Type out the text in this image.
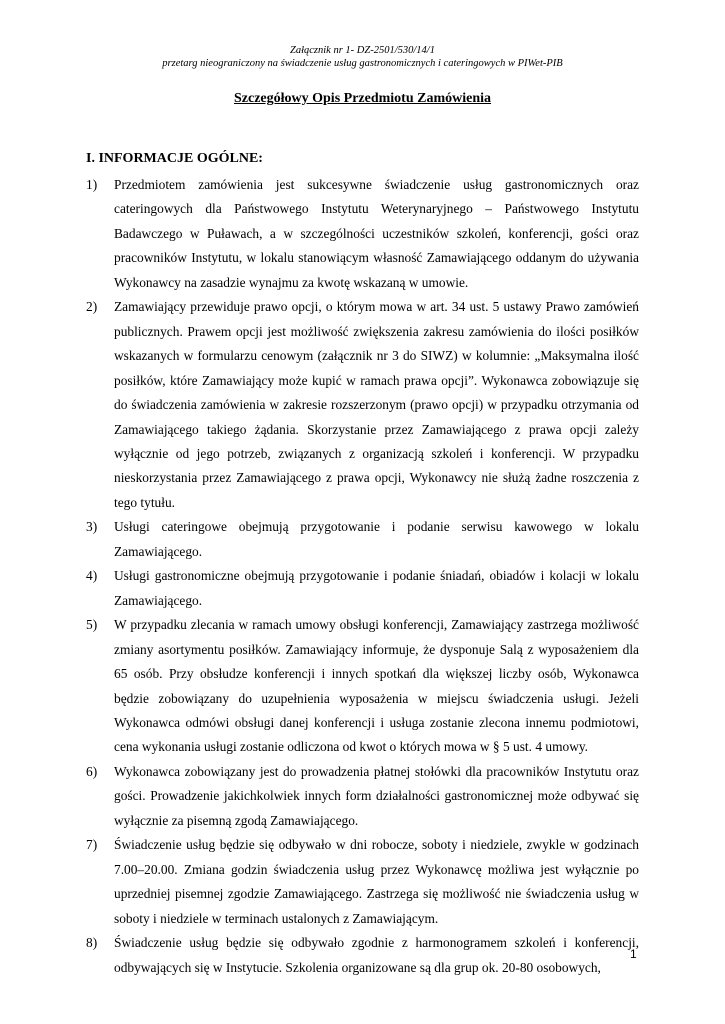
Załącznik nr 1- DZ-2501/530/14/1
przetarg nieograniczony na świadczenie usług gastronomicznych i cateringowych w PIWet-PIB
Szczegółowy Opis Przedmiotu Zamówienia
I. INFORMACJE OGÓLNE:

1) Przedmiotem zamówienia jest sukcesywne świadczenie usług gastronomicznych oraz cateringowych dla Państwowego Instytutu Weterynaryjnego – Państwowego Instytutu Badawczego w Puławach, a w szczególności uczestników szkoleń, konferencji, gości oraz pracowników Instytutu, w lokalu stanowiącym własność Zamawiającego oddanym do używania Wykonawcy na zasadzie wynajmu za kwotę wskazaną w umowie.

2) Zamawiający przewiduje prawo opcji, o którym mowa w art. 34 ust. 5 ustawy Prawo zamówień publicznych. Prawem opcji jest możliwość zwiększenia zakresu zamówienia do ilości posiłków wskazanych w formularzu cenowym (załącznik nr 3 do SIWZ) w kolumnie: „Maksymalna ilość posiłków, które Zamawiający może kupić w ramach prawa opcji”. Wykonawca zobowiązuje się do świadczenia zamówienia w zakresie rozszerzonym (prawo opcji) w przypadku otrzymania od Zamawiającego takiego żądania. Skorzystanie przez Zamawiającego z prawa opcji zależy wyłącznie od jego potrzeb, związanych z organizacją szkoleń i konferencji. W przypadku nieskorzystania przez Zamawiającego z prawa opcji, Wykonawcy nie służą żadne roszczenia z tego tytułu.

3) Usługi cateringowe obejmują przygotowanie i podanie serwisu kawowego w lokalu Zamawiającego.

4) Usługi gastronomiczne obejmują przygotowanie i podanie śniadań, obiadów i kolacji w lokalu Zamawiającego.

5) W przypadku zlecania w ramach umowy obsługi konferencji, Zamawiający zastrzega możliwość zmiany asortymentu posiłków. Zamawiający informuje, że dysponuje Salą z wyposażeniem dla 65 osób. Przy obsłudze konferencji i innych spotkań dla większej liczby osób, Wykonawca będzie zobowiązany do uzupełnienia wyposażenia w miejscu świadczenia usługi. Jeżeli Wykonawca odmówi obsługi danej konferencji i usługa zostanie zlecona innemu podmiotowi, cena wykonania usługi zostanie odliczona od kwot o których mowa w § 5 ust. 4 umowy.

6) Wykonawca zobowiązany jest do prowadzenia płatnej stołówki dla pracowników Instytutu oraz gości. Prowadzenie jakichkolwiek innych form działalności gastronomicznej może odbywać się wyłącznie za pisemną zgodą Zamawiającego.

7) Świadczenie usług będzie się odbywało w dni robocze, soboty i niedziele, zwykle w godzinach 7.00–20.00. Zmiana godzin świadczenia usług przez Wykonawcę możliwa jest wyłącznie po uprzedniej pisemnej zgodzie Zamawiającego. Zastrzega się możliwość nie świadczenia usług w soboty i niedziele w terminach ustalonych z Zamawiającym.

8) Świadczenie usług będzie się odbywało zgodnie z harmonogramem szkoleń i konferencji, odbywających się w Instytucie. Szkolenia organizowane są dla grup ok. 20-80 osobowych,

1
